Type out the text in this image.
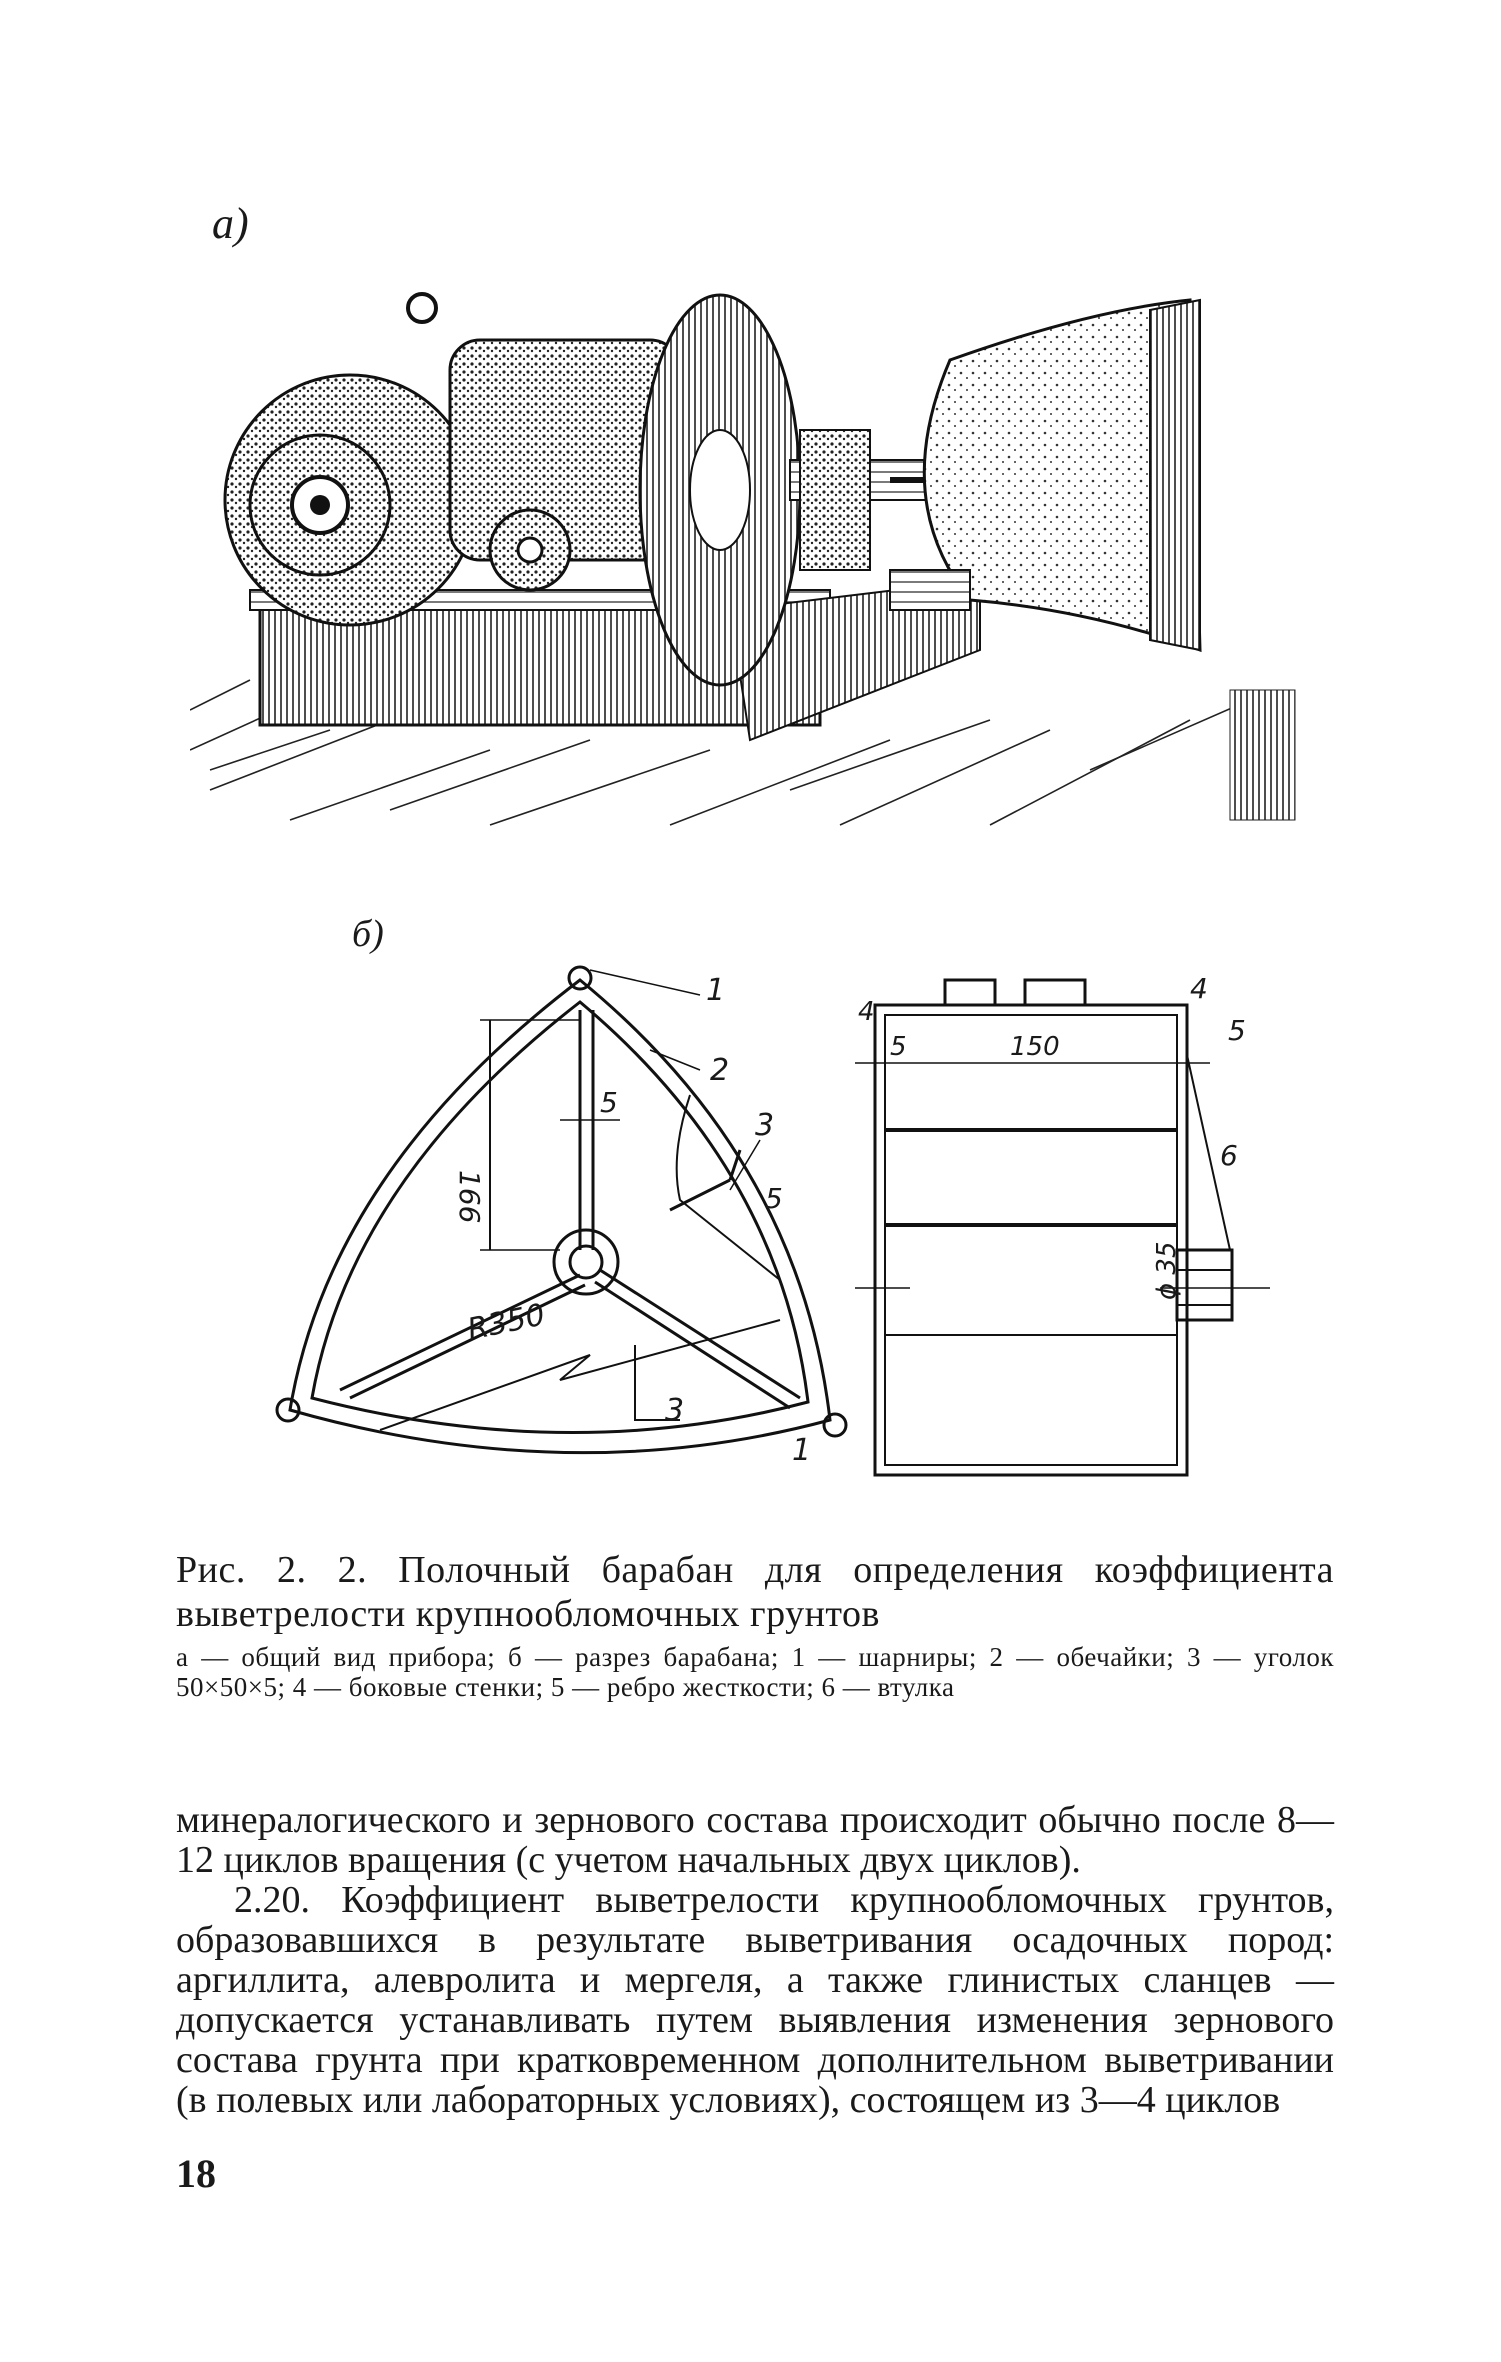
а)
б)
1
2
3
5
3
1
5
166
R350
4
5
4
5
6
150
ϕ 35
Рис. 2. 2. Полочный барабан для определения коэффициента выветрелости крупнообломочных грунтов
а — общий вид прибора; б — разрез барабана; 1 — шарниры; 2 — обечайки; 3 — уголок 50×50×5; 4 — боковые стенки; 5 — ребро жесткости; 6 — втулка

минералогического и зернового состава происходит обычно после 8—12 циклов вращения (с учетом начальных двух циклов).

2.20. Коэффициент выветрелости крупнообломочных грунтов, образовавшихся в результате выветривания осадочных пород: аргиллита, алевролита и мергеля, а также глинистых сланцев — допускается устанавливать путем выявления изменения зернового состава грунта при кратковременном дополнительном выветривании (в полевых или лабораторных условиях), состоящем из 3—4 циклов

18
